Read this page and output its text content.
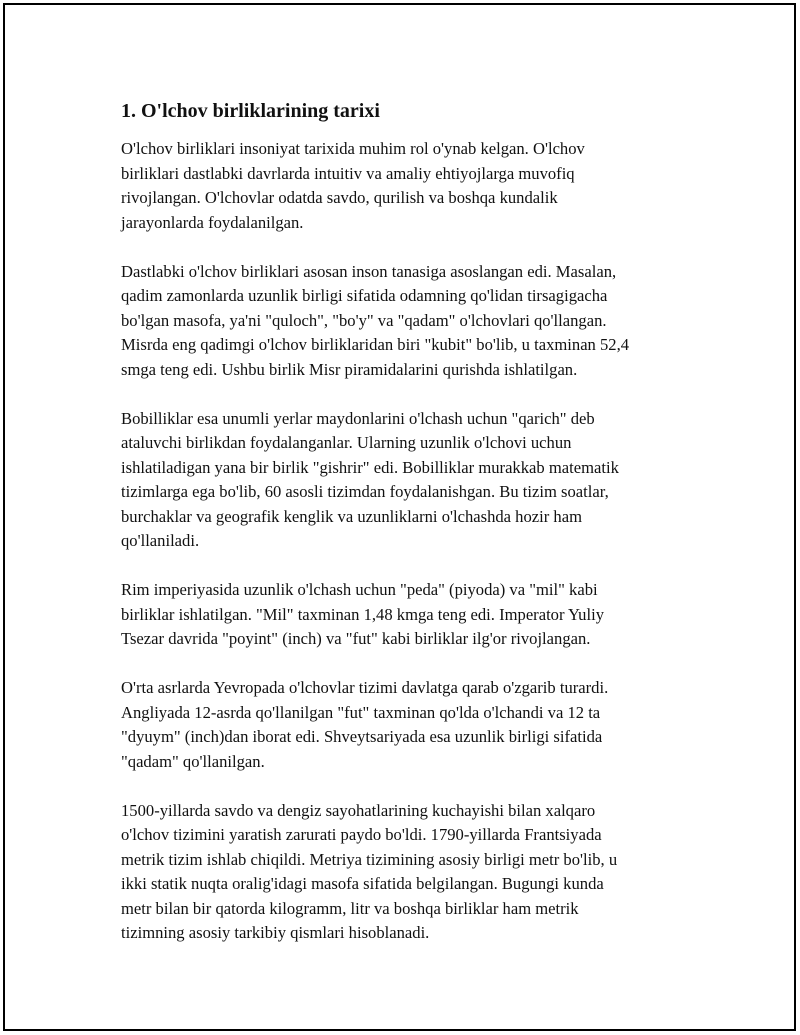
1. O'lchov birliklarining tarixi

O'lchov birliklari insoniyat tarixida muhim rol o'ynab kelgan. O'lchov
birliklari dastlabki davrlarda intuitiv va amaliy ehtiyojlarga muvofiq
rivojlangan. O'lchovlar odatda savdo, qurilish va boshqa kundalik
jarayonlarda foydalanilgan.

Dastlabki o'lchov birliklari asosan inson tanasiga asoslangan edi. Masalan,
qadim zamonlarda uzunlik birligi sifatida odamning qo'lidan tirsagigacha
bo'lgan masofa, ya'ni "quloch", "bo'y" va "qadam" o'lchovlari qo'llangan.
Misrda eng qadimgi o'lchov birliklaridan biri "kubit" bo'lib, u taxminan 52,4
smga teng edi. Ushbu birlik Misr piramidalarini qurishda ishlatilgan.

Bobilliklar esa unumli yerlar maydonlarini o'lchash uchun "qarich" deb
ataluvchi birlikdan foydalanganlar. Ularning uzunlik o'lchovi uchun
ishlatiladigan yana bir birlik "gishrir" edi. Bobilliklar murakkab matematik
tizimlarga ega bo'lib, 60 asosli tizimdan foydalanishgan. Bu tizim soatlar,
burchaklar va geografik kenglik va uzunliklarni o'lchashda hozir ham
qo'llaniladi.

Rim imperiyasida uzunlik o'lchash uchun "peda" (piyoda) va "mil" kabi
birliklar ishlatilgan. "Mil" taxminan 1,48 kmga teng edi. Imperator Yuliy
Tsezar davrida "poyint" (inch) va "fut" kabi birliklar ilg'or rivojlangan.

O'rta asrlarda Yevropada o'lchovlar tizimi davlatga qarab o'zgarib turardi.
Angliyada 12-asrda qo'llanilgan "fut" taxminan qo'lda o'lchandi va 12 ta
"dyuym" (inch)dan iborat edi. Shveytsariyada esa uzunlik birligi sifatida
"qadam" qo'llanilgan.

1500-yillarda savdo va dengiz sayohatlarining kuchayishi bilan xalqaro
o'lchov tizimini yaratish zarurati paydo bo'ldi. 1790-yillarda Frantsiyada
metrik tizim ishlab chiqildi. Metriya tizimining asosiy birligi metr bo'lib, u
ikki statik nuqta oralig'idagi masofa sifatida belgilangan. Bugungi kunda
metr bilan bir qatorda kilogramm, litr va boshqa birliklar ham metrik
tizimning asosiy tarkibiy qismlari hisoblanadi.
